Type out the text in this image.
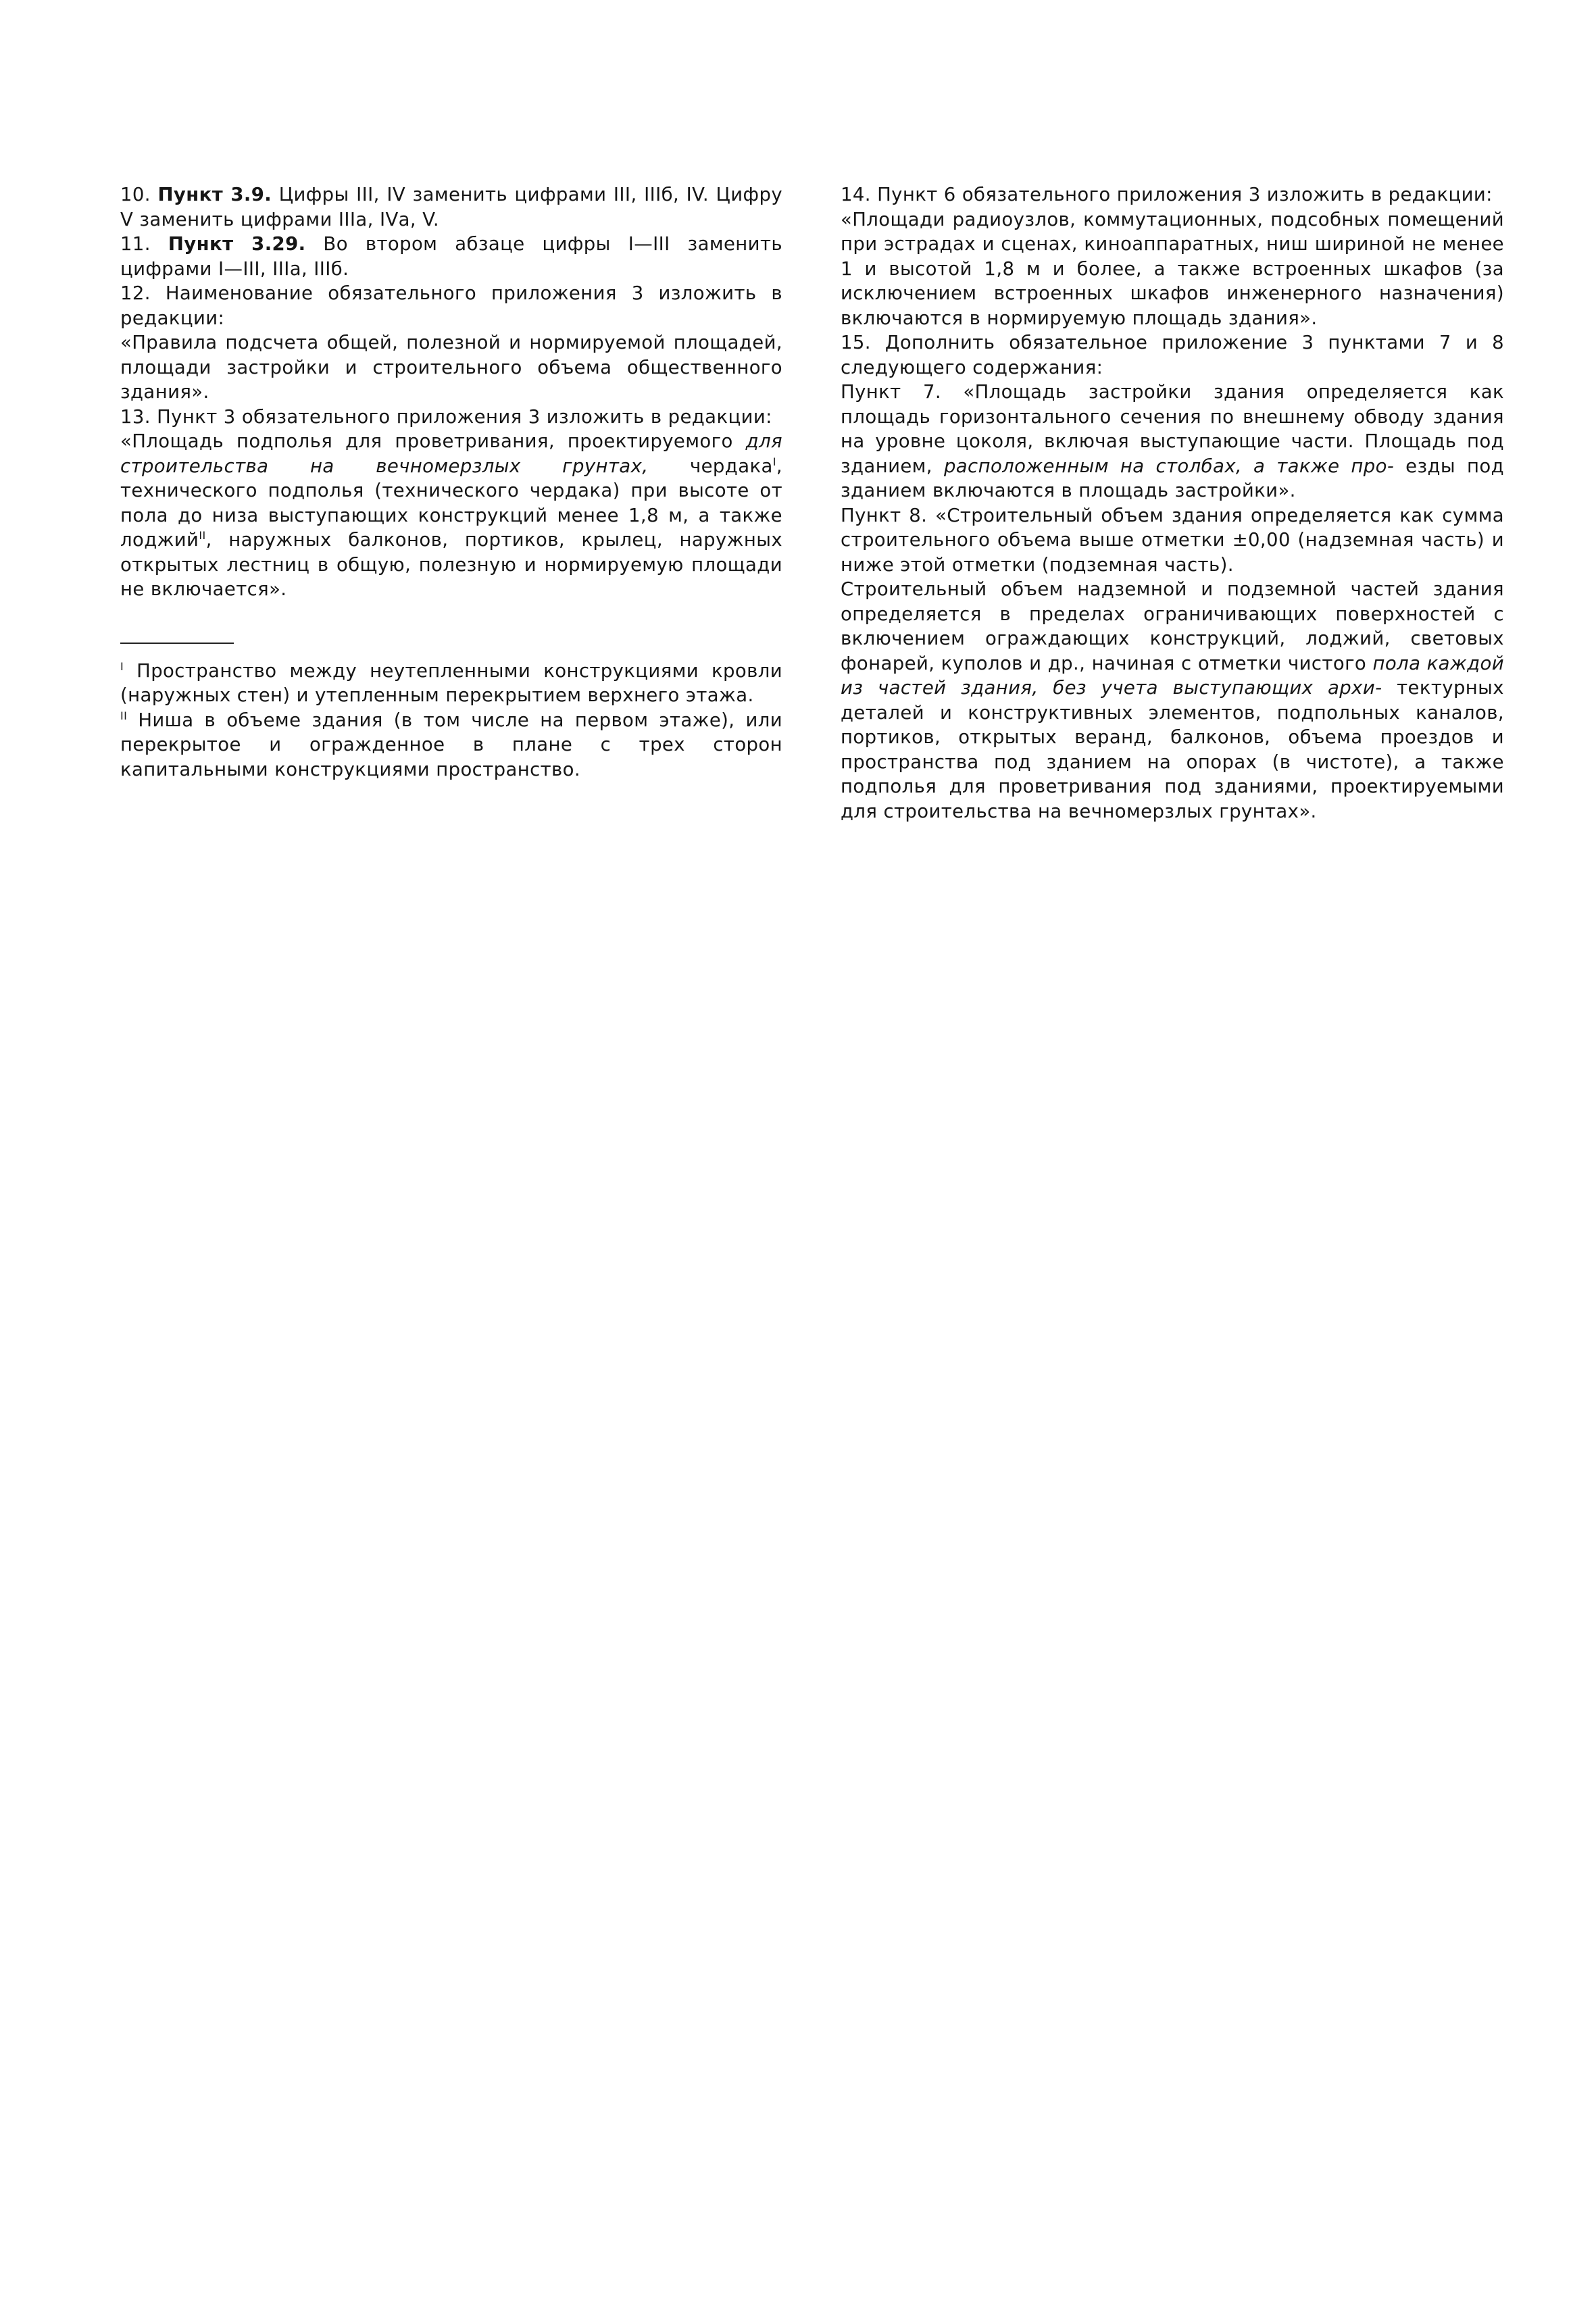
10. Пункт 3.9. Цифры III, IV заменить цифрами III, IIIб, IV. Цифру V заменить цифрами IIIа, IVа, V.

11. Пункт 3.29. Во втором абзаце цифры I—III заменить цифрами I—III, IIIа, IIIб.

12. Наименование обязательного приложения 3 изложить в редакции:

«Правила подсчета общей, полезной и нормируемой площадей, площади застройки и строительного объема общественного здания».

13. Пункт 3 обязательного приложения 3 изложить в редакции:

«Площадь подполья для проветривания, проектируемого для строительства на вечномерзлых грунтах, чердака$^I$, технического подполья (технического чердака) при высоте от пола до низа выступающих конструкций менее 1,8 м, а также лоджий$^{II}$, наружных балконов, портиков, крылец, наружных открытых лестниц в общую, полезную и нормируемую площади не включается».

$^I$ Пространство между неутепленными конструкциями кровли (наружных стен) и утепленным перекрытием верхнего этажа.

$^{II}$ Ниша в объеме здания (в том числе на первом этаже), или перекрытое и огражденное в плане с трех сторон капитальными конструкциями пространство.

14. Пункт 6 обязательного приложения 3 изложить в редакции:

«Площади радиоузлов, коммутационных, подсобных помещений при эстрадах и сценах, киноаппаратных, ниш шириной не менее 1 и высотой 1,8 м и более, а также встроенных шкафов (за исключением встроенных шкафов инженерного назначения) включаются в нормируемую площадь здания».

15. Дополнить обязательное приложение 3 пунктами 7 и 8 следующего содержания:

Пункт 7. «Площадь застройки здания определяется как площадь горизонтального сечения по внешнему обводу здания на уровне цоколя, включая выступающие части. Площадь под зданием, расположенным на столбах, а также про- езды под зданием включаются в площадь застройки».

Пункт 8. «Строительный объем здания определяется как сумма строительного объема выше отметки ±0,00 (надземная часть) и ниже этой отметки (подземная часть).

Строительный объем надземной и подземной частей здания определяется в пределах ограничивающих поверхностей с включением ограждающих конструкций, лоджий, световых фонарей, куполов и др., начиная с отметки чистого пола каждой из частей здания, без учета выступающих архи- тектурных деталей и конструктивных элементов, подпольных каналов, портиков, открытых веранд, балконов, объема проездов и пространства под зданием на опорах (в чистоте), а также подполья для проветривания под зданиями, проектируемыми для строительства на вечномерзлых грунтах».
